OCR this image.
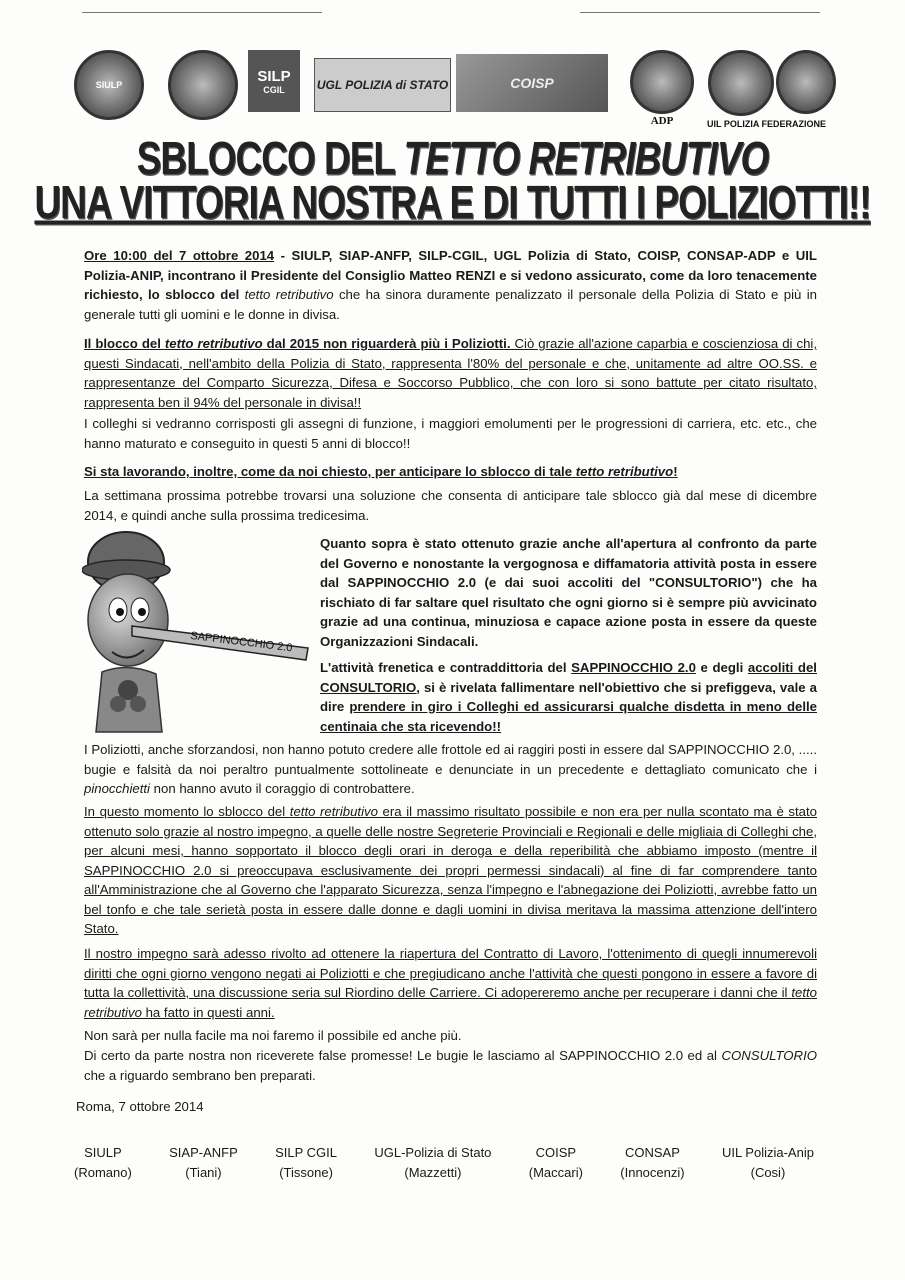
SIULP
SILP
CGIL	UGL POLIZIA di STATO	COISP
ADP	UIL POLIZIA FEDERAZIONE
SBLOCCO DEL TETTO RETRIBUTIVO
UNA VITTORIA NOSTRA E DI TUTTI I POLIZIOTTI!!

Ore 10:00 del 7 ottobre 2014 - SIULP, SIAP-ANFP, SILP-CGIL, UGL Polizia di Stato, COISP, CONSAP-ADP e UIL Polizia-ANIP, incontrano il Presidente del Consiglio Matteo RENZI e si vedono assicurato, come da loro tenacemente richiesto, lo sblocco del tetto retributivo che ha sinora duramente penalizzato il personale della Polizia di Stato e più in generale tutti gli uomini e le donne in divisa.

Il blocco del tetto retributivo dal 2015 non riguarderà più i Poliziotti. Ciò grazie all'azione caparbia e coscienziosa di chi, questi Sindacati, nell'ambito della Polizia di Stato, rappresenta l'80% del personale e che, unitamente ad altre OO.SS. e rappresentanze del Comparto Sicurezza, Difesa e Soccorso Pubblico, che con loro si sono battute per citato risultato, rappresenta ben il 94% del personale in divisa!!

I colleghi si vedranno corrisposti gli assegni di funzione, i maggiori emolumenti per le progressioni di carriera, etc. etc., che hanno maturato e conseguito in questi 5 anni di blocco!!

Si sta lavorando, inoltre, come da noi chiesto, per anticipare lo sblocco di tale tetto retributivo!

La settimana prossima potrebbe trovarsi una soluzione che consenta di anticipare tale sblocco già dal mese di dicembre 2014, e quindi anche sulla prossima tredicesima.

SAPPINOCCHIO 2.0

Quanto sopra è stato ottenuto grazie anche all'apertura al confronto da parte del Governo e nonostante la vergognosa e diffamatoria attività posta in essere dal SAPPINOCCHIO 2.0 (e dai suoi accoliti del "CONSULTORIO") che ha rischiato di far saltare quel risultato che ogni giorno si è sempre più avvicinato grazie ad una continua, minuziosa e capace azione posta in essere da queste Organizzazioni Sindacali.

L'attività frenetica e contraddittoria del SAPPINOCCHIO 2.0 e degli accoliti del CONSULTORIO, si è rivelata fallimentare nell'obiettivo che si prefiggeva, vale a dire prendere in giro i Colleghi ed assicurarsi qualche disdetta in meno delle centinaia che sta ricevendo!!

I Poliziotti, anche sforzandosi, non hanno potuto credere alle frottole ed ai raggiri posti in essere dal SAPPINOCCHIO 2.0, ..... bugie e falsità da noi peraltro puntualmente sottolineate e denunciate in un precedente e dettagliato comunicato che i pinocchietti non hanno avuto il coraggio di controbattere.

In questo momento lo sblocco del tetto retributivo era il massimo risultato possibile e non era per nulla scontato ma è stato ottenuto solo grazie al nostro impegno, a quelle delle nostre Segreterie Provinciali e Regionali e delle migliaia di Colleghi che, per alcuni mesi, hanno sopportato il blocco degli orari in deroga e della reperibilità che abbiamo imposto (mentre il SAPPINOCCHIO 2.0 si preoccupava esclusivamente dei propri permessi sindacali) al fine di far comprendere tanto all'Amministrazione che al Governo che l'apparato Sicurezza, senza l'impegno e l'abnegazione dei Poliziotti, avrebbe fatto un bel tonfo e che tale serietà posta in essere dalle donne e dagli uomini in divisa meritava la massima attenzione dell'intero Stato.

Il nostro impegno sarà adesso rivolto ad ottenere la riapertura del Contratto di Lavoro, l'ottenimento di quegli innumerevoli diritti che ogni giorno vengono negati ai Poliziotti e che pregiudicano anche l'attività che questi pongono in essere a favore di tutta la collettività, una discussione seria sul Riordino delle Carriere. Ci adopereremo anche per recuperare i danni che il tetto retributivo ha fatto in questi anni.

Non sarà per nulla facile ma noi faremo il possibile ed anche più.

Di certo da parte nostra non riceverete false promesse! Le bugie le lasciamo al SAPPINOCCHIO 2.0 ed al CONSULTORIO che a riguardo sembrano ben preparati.

Roma, 7 ottobre 2014
SIULP
(Romano)
SIAP-ANFP
(Tiani)
SILP CGIL
(Tissone)
UGL-Polizia di Stato
(Mazzetti)
COISP
(Maccari)
CONSAP
(Innocenzi)
UIL Polizia-Anip
(Cosi)
